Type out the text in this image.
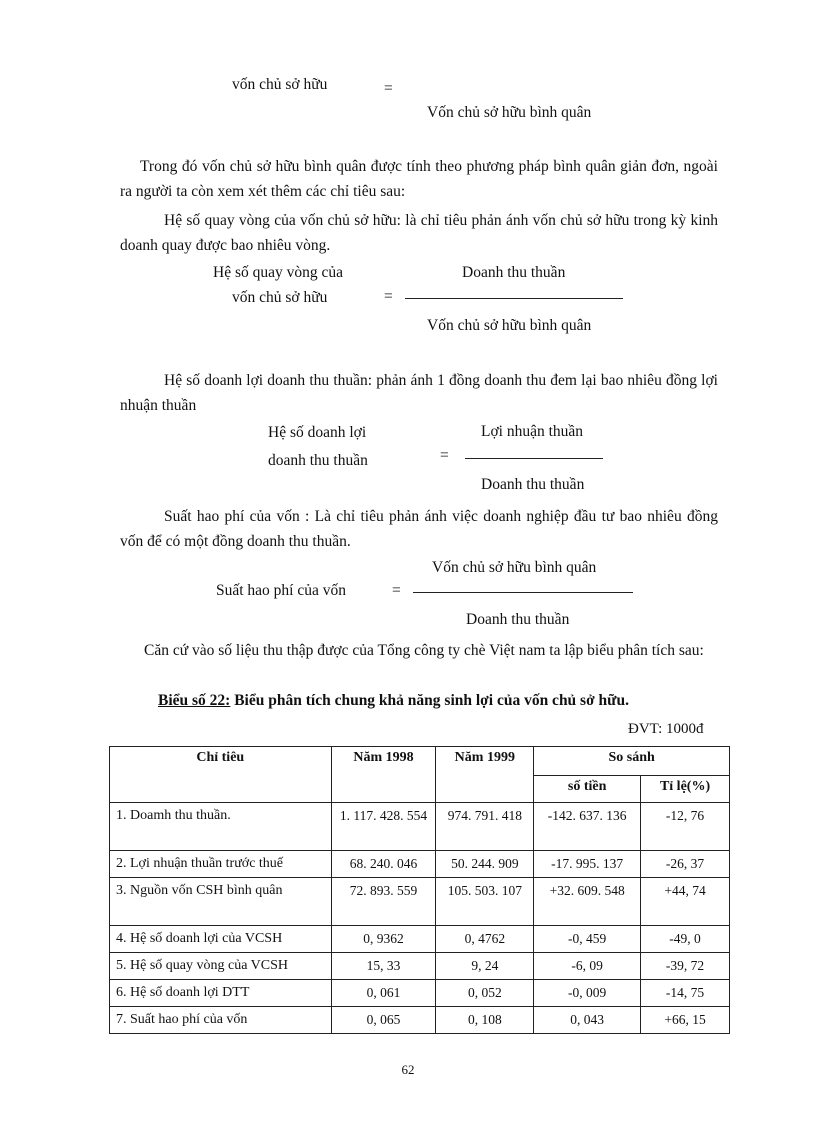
vốn chủ sở hữu	=
Vốn chủ sở hữu bình quân
Trong đó vốn chủ sở hữu bình quân được tính theo phương pháp bình quân giản đơn, ngoài ra người ta còn xem xét thêm các chỉ tiêu sau:
Hệ số quay vòng của vốn chủ sở hữu: là chỉ tiêu phản ánh vốn chủ sở hữu trong kỳ kinh doanh quay được bao nhiêu vòng.
Hệ số quay vòng của
vốn chủ sở hữu	=
Doanh thu thuần
Vốn chủ sở hữu bình quân
Hệ số doanh lợi doanh thu thuần: phản ánh 1 đồng doanh thu đem lại bao nhiêu đồng lợi nhuận thuần
Hệ số doanh lợi
doanh thu thuần	=
Lợi nhuận thuần
Doanh thu thuần
Suất hao phí của vốn : Là chỉ tiêu phản ánh việc doanh nghiệp đầu tư bao nhiêu đồng vốn để có một đồng doanh thu thuần.
Suất hao phí của vốn	=
Vốn chủ sở hữu bình quân
Doanh thu thuần
Căn cứ vào số liệu thu thập được của Tổng công ty chè Việt nam ta lập biểu phân tích sau:
Biểu số 22: Biểu phân tích chung khả năng sinh lợi của vốn chủ sở hữu.
ĐVT: 1000đ
Chỉ tiêu	Năm 1998	Năm 1999	So sánh	
			số tiền	Tỉ lệ(%)
1. Doamh thu thuần.	1. 117. 428. 554	974. 791. 418	-142. 637. 136	-12, 76
2. Lợi nhuận thuần trước thuế	68. 240. 046	50. 244. 909	-17. 995. 137	-26, 37
3. Nguồn vốn CSH bình quân	72. 893. 559	105. 503. 107	+32. 609. 548	+44, 74
4. Hệ số doanh lợi của VCSH	0, 9362	0, 4762	-0, 459	-49, 0
5. Hệ số quay vòng của VCSH	15, 33	9, 24	-6, 09	-39, 72
6. Hệ số doanh lợi DTT	0, 061	0, 052	-0, 009	-14, 75
7. Suất hao phí của vốn	0, 065	0, 108	0, 043	+66, 15
62
